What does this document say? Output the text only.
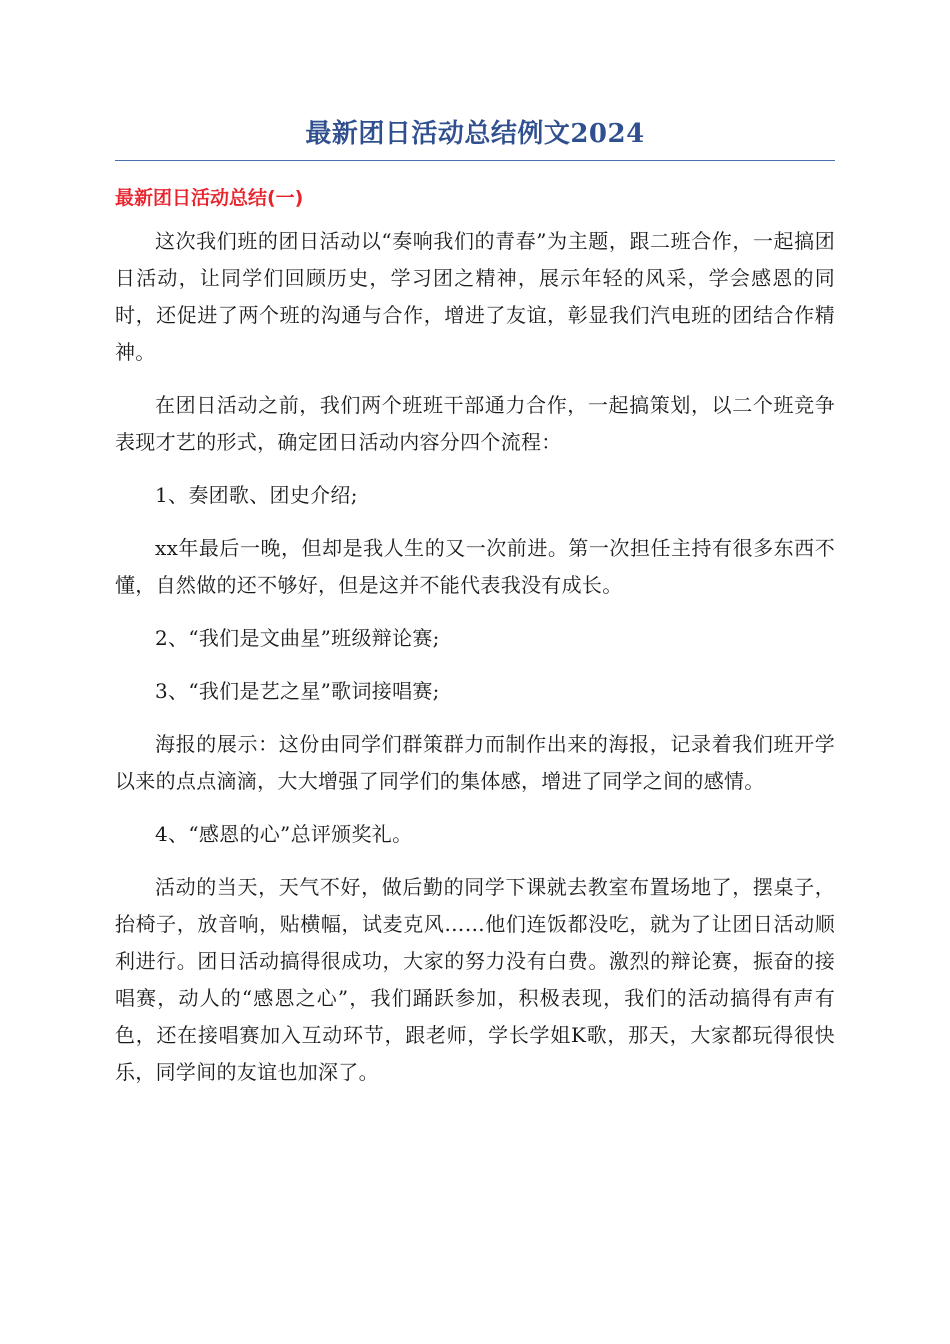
最新团日活动总结例文2024
最新团日活动总结(一)

这次我们班的团日活动以“奏响我们的青春”为主题，跟二班合作，一起搞团日活动，让同学们回顾历史，学习团之精神，展示年轻的风采，学会感恩的同时，还促进了两个班的沟通与合作，增进了友谊，彰显我们汽电班的团结合作精神。

在团日活动之前，我们两个班班干部通力合作，一起搞策划，以二个班竞争表现才艺的形式，确定团日活动内容分四个流程：

1、奏团歌、团史介绍;

xx年最后一晚，但却是我人生的又一次前进。第一次担任主持有很多东西不懂，自然做的还不够好，但是这并不能代表我没有成长。

2、“我们是文曲星”班级辩论赛;

3、“我们是艺之星”歌词接唱赛;

海报的展示：这份由同学们群策群力而制作出来的海报，记录着我们班开学以来的点点滴滴，大大增强了同学们的集体感，增进了同学之间的感情。

4、“感恩的心”总评颁奖礼。

活动的当天，天气不好，做后勤的同学下课就去教室布置场地了，摆桌子，抬椅子，放音响，贴横幅，试麦克风……他们连饭都没吃，就为了让团日活动顺利进行。团日活动搞得很成功，大家的努力没有白费。激烈的辩论赛，振奋的接唱赛，动人的“感恩之心”，我们踊跃参加，积极表现，我们的活动搞得有声有色，还在接唱赛加入互动环节，跟老师，学长学姐K歌，那天，大家都玩得很快乐，同学间的友谊也加深了。
